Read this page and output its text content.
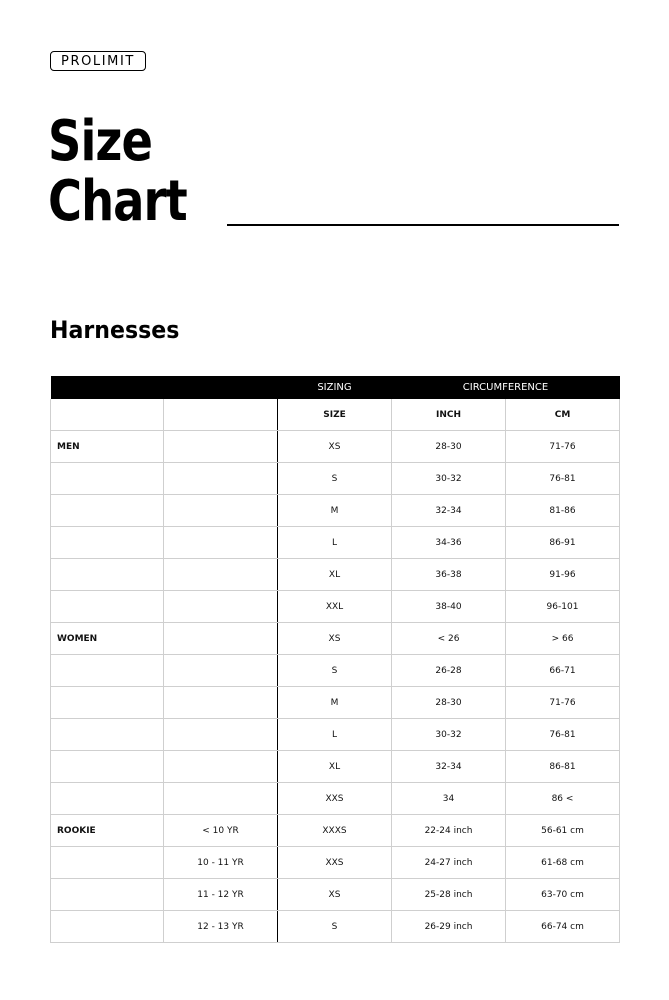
PROLIMIT
Size
Chart
Harnesses
		SIZING	CIRCUMFERENCE	
		SIZE	INCH	CM
MEN		XS	28-30	71-76
		S	30-32	76-81
		M	32-34	81-86
		L	34-36	86-91
		XL	36-38	91-96
		XXL	38-40	96-101
WOMEN		XS	< 26	> 66
		S	26-28	66-71
		M	28-30	71-76
		L	30-32	76-81
		XL	32-34	86-81
		XXS	34	86 <
ROOKIE	< 10 YR	XXXS	22-24 inch	56-61 cm
	10 - 11 YR	XXS	24-27 inch	61-68 cm
	11 - 12 YR	XS	25-28 inch	63-70 cm
	12 - 13 YR	S	26-29 inch	66-74 cm
